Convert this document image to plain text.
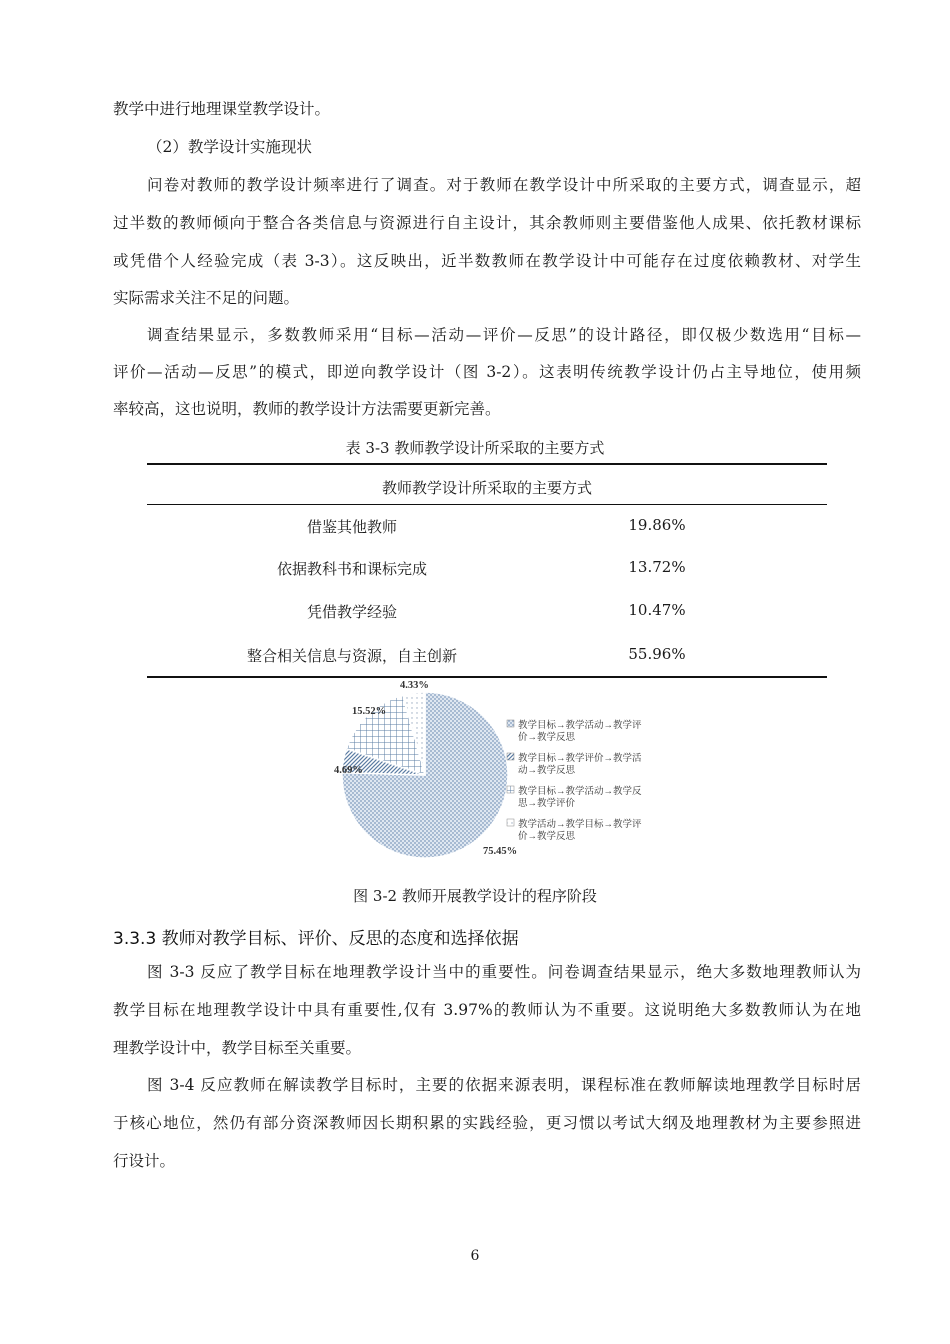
教学中进行地理课堂教学设计。
（2）教学设计实施现状
问卷对教师的教学设计频率进行了调查。对于教师在教学设计中所采取的主要方式，调查显示，超
过半数的教师倾向于整合各类信息与资源进行自主设计，其余教师则主要借鉴他人成果、依托教材课标
或凭借个人经验完成（表 3-3）。这反映出，近半数教师在教学设计中可能存在过度依赖教材、对学生
实际需求关注不足的问题。
调查结果显示，多数教师采用“目标—活动—评价—反思”的设计路径，即仅极少数选用“目标—
评价—活动—反思”的模式，即逆向教学设计（图 3-2）。这表明传统教学设计仍占主导地位，使用频
率较高，这也说明，教师的教学设计方法需要更新完善。
表 3-3 教师教学设计所采取的主要方式
教师教学设计所采取的主要方式
借鉴其他教师	19.86%
依据教科书和课标完成	13.72%
凭借教学经验	10.47%
整合相关信息与资源，自主创新	55.96%
75.45%
4.69%
15.52%
4.33%
教学目标→教学活动→教学评
价→教学反思
教学目标→教学评价→教学活
动→教学反思
教学目标→教学活动→教学反
思→教学评价
教学活动→教学目标→教学评
价→教学反思
图 3-2 教师开展教学设计的程序阶段
3.3.3 教师对教学目标、评价、反思的态度和选择依据
图 3-3 反应了教学目标在地理教学设计当中的重要性。问卷调查结果显示，绝大多数地理教师认为
教学目标在地理教学设计中具有重要性,仅有 3.97%的教师认为不重要。这说明绝大多数教师认为在地
理教学设计中，教学目标至关重要。
图 3-4 反应教师在解读教学目标时，主要的依据来源表明，课程标准在教师解读地理教学目标时居
于核心地位，然仍有部分资深教师因长期积累的实践经验，更习惯以考试大纲及地理教材为主要参照进
行设计。
6
